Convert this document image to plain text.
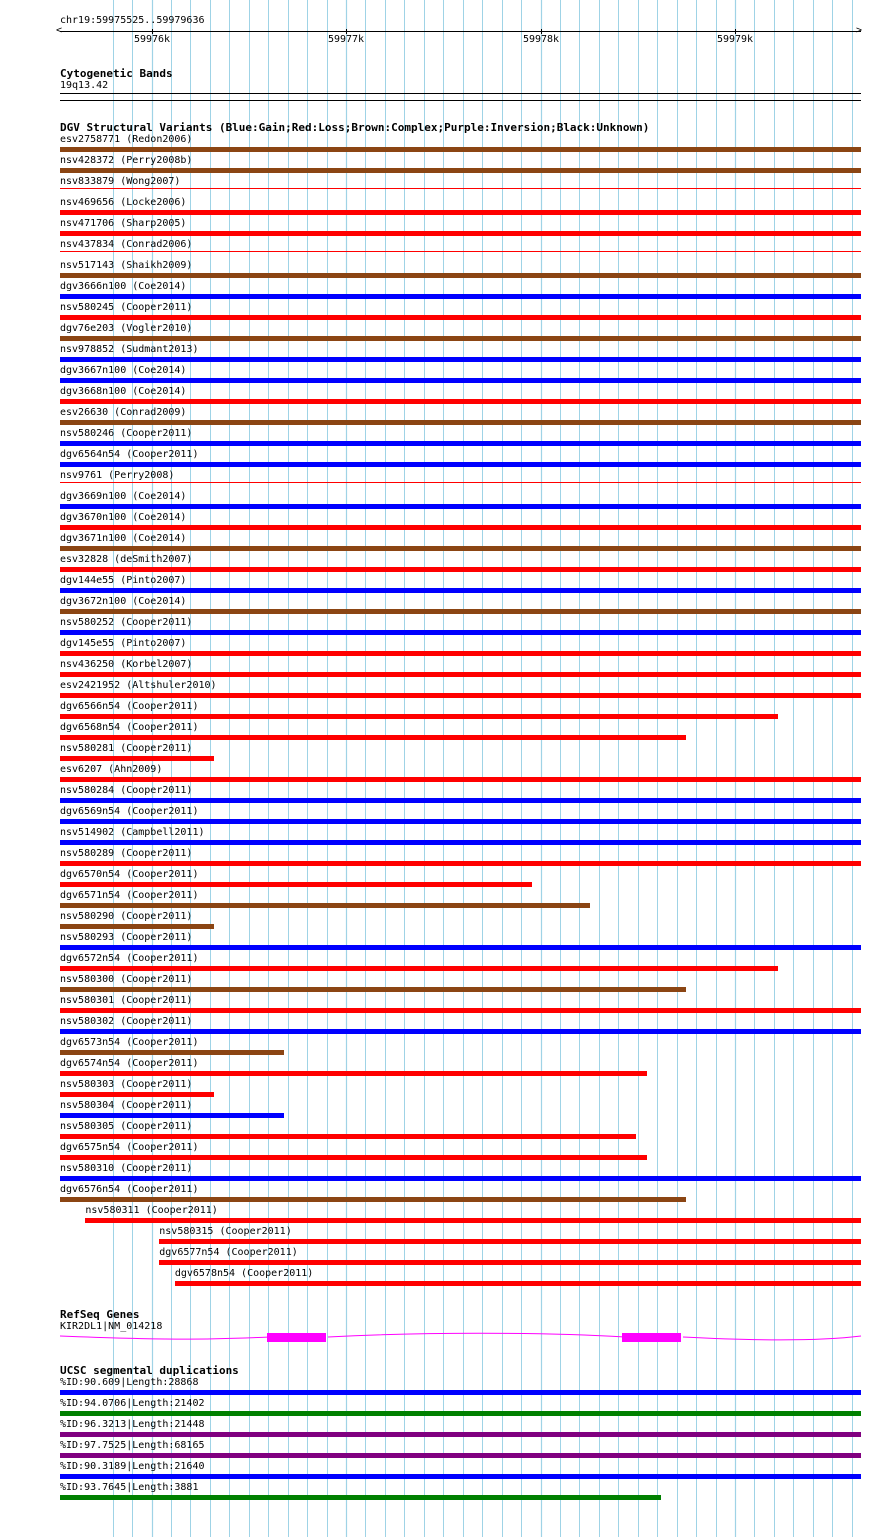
chr19:59975525..59979636
59976k	59977k	59978k	59979k
<	>
Cytogenetic Bands
19q13.42
DGV Structural Variants (Blue:Gain;Red:Loss;Brown:Complex;Purple:Inversion;Black:Unknown)
esv2758771 (Redon2006)
nsv428372 (Perry2008b)
nsv833879 (Wong2007)
nsv469656 (Locke2006)
nsv471706 (Sharp2005)
nsv437834 (Conrad2006)
nsv517143 (Shaikh2009)
dgv3666n100 (Coe2014)
nsv580245 (Cooper2011)
dgv76e203 (Vogler2010)
nsv978852 (Sudmant2013)
dgv3667n100 (Coe2014)
dgv3668n100 (Coe2014)
esv26630 (Conrad2009)
nsv580246 (Cooper2011)
dgv6564n54 (Cooper2011)
nsv9761 (Perry2008)
dgv3669n100 (Coe2014)
dgv3670n100 (Coe2014)
dgv3671n100 (Coe2014)
esv32828 (deSmith2007)
dgv144e55 (Pinto2007)
dgv3672n100 (Coe2014)
nsv580252 (Cooper2011)
dgv145e55 (Pinto2007)
nsv436250 (Korbel2007)
esv2421952 (Altshuler2010)
dgv6566n54 (Cooper2011)
dgv6568n54 (Cooper2011)
nsv580281 (Cooper2011)
esv6207 (Ahn2009)
nsv580284 (Cooper2011)
dgv6569n54 (Cooper2011)
nsv514902 (Campbell2011)
nsv580289 (Cooper2011)
dgv6570n54 (Cooper2011)
dgv6571n54 (Cooper2011)
nsv580290 (Cooper2011)
nsv580293 (Cooper2011)
dgv6572n54 (Cooper2011)
nsv580300 (Cooper2011)
nsv580301 (Cooper2011)
nsv580302 (Cooper2011)
dgv6573n54 (Cooper2011)
dgv6574n54 (Cooper2011)
nsv580303 (Cooper2011)
nsv580304 (Cooper2011)
nsv580305 (Cooper2011)
dgv6575n54 (Cooper2011)
nsv580310 (Cooper2011)
dgv6576n54 (Cooper2011)
nsv580311 (Cooper2011)
nsv580315 (Cooper2011)
dgv6577n54 (Cooper2011)
dgv6578n54 (Cooper2011)
RefSeq Genes
KIR2DL1|NM_014218
UCSC segmental duplications
%ID:90.609|Length:28868
%ID:94.0706|Length:21402
%ID:96.3213|Length:21448
%ID:97.7525|Length:68165
%ID:90.3189|Length:21640
%ID:93.7645|Length:3881
